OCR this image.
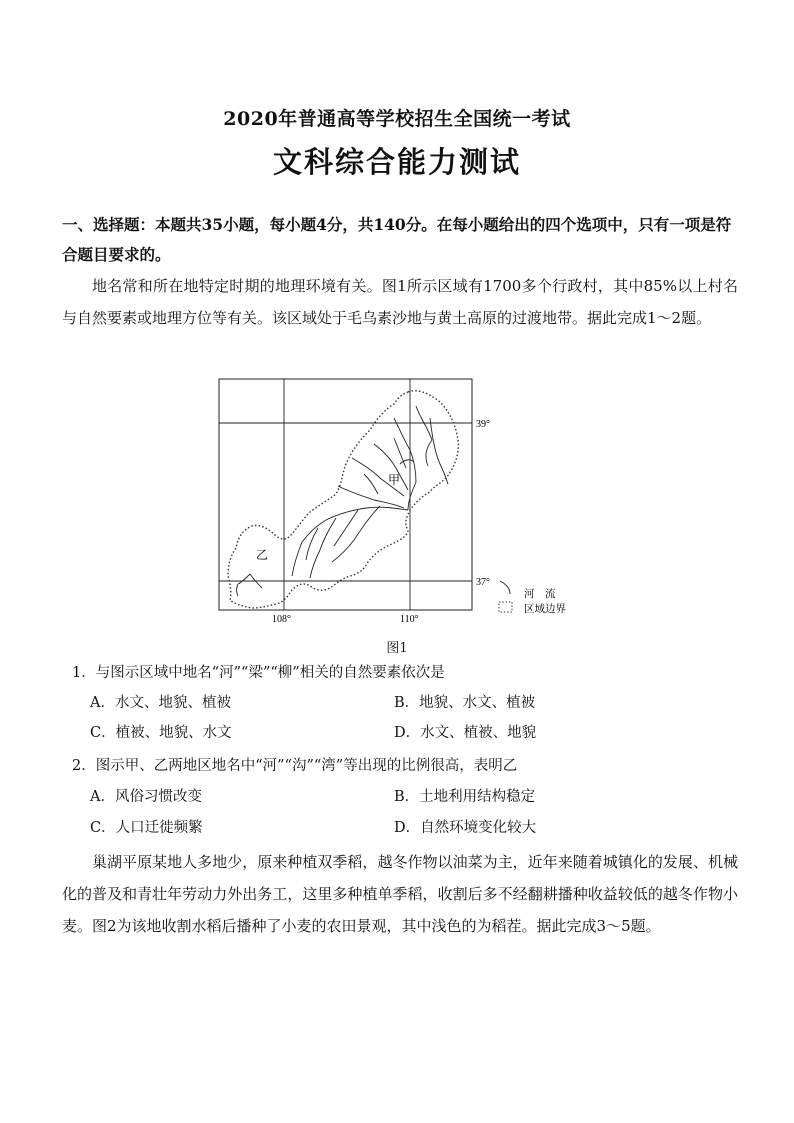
2020年普通高等学校招生全国统一考试
文科综合能力测试
一、选择题：本题共35小题，每小题4分，共140分。在每小题给出的四个选项中，只有一项是符合题目要求的。
地名常和所在地特定时期的地理环境有关。图1所示区域有1700多个行政村，其中85%以上村名与自然要素或地理方位等有关。该区域处于毛乌素沙地与黄土高原的过渡地带。据此完成1～2题。
甲
乙
39°
37°
108°	110°
河　流
区域边界
图1
1．与图示区域中地名“河”“梁”“柳”相关的自然要素依次是
A．水文、地貌、植被	B．地貌、水文、植被
C．植被、地貌、水文	D．水文、植被、地貌
2．图示甲、乙两地区地名中“河”“沟”“湾”等出现的比例很高，表明乙
A．风俗习惯改变	B．土地利用结构稳定
C．人口迁徙频繁	D．自然环境变化较大
巢湖平原某地人多地少，原来种植双季稻，越冬作物以油菜为主，近年来随着城镇化的发展、机械化的普及和青壮年劳动力外出务工，这里多种植单季稻，收割后多不经翻耕播种收益较低的越冬作物小麦。图2为该地收割水稻后播种了小麦的农田景观，其中浅色的为稻茬。据此完成3～5题。
